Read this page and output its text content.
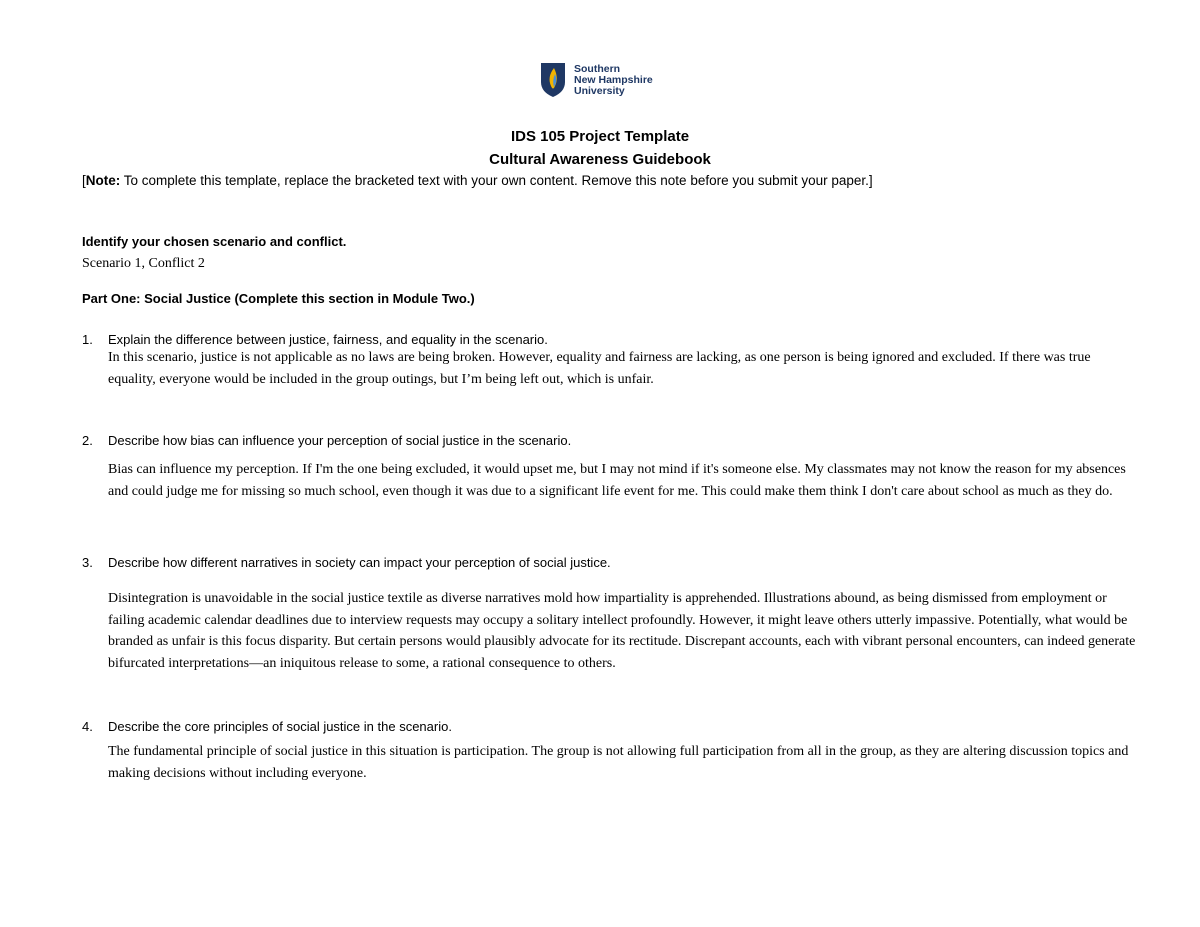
Southern
New Hampshire
University
IDS 105 Project Template
Cultural Awareness Guidebook
[Note: To complete this template, replace the bracketed text with your own content. Remove this note before you submit your paper.]
Identify your chosen scenario and conflict.
Scenario 1, Conflict 2
Part One: Social Justice (Complete this section in Module Two.)
1. Explain the difference between justice, fairness, and equality in the scenario.
In this scenario, justice is not applicable as no laws are being broken. However, equality and fairness are lacking, as one person is being ignored and excluded. If there was true equality, everyone would be included in the group outings, but I’m being left out, which is unfair.
2. Describe how bias can influence your perception of social justice in the scenario.
Bias can influence my perception. If I'm the one being excluded, it would upset me, but I may not mind if it's someone else. My classmates may not know the reason for my absences and could judge me for missing so much school, even though it was due to a significant life event for me. This could make them think I don't care about school as much as they do.
3. Describe how different narratives in society can impact your perception of social justice.
Disintegration is unavoidable in the social justice textile as diverse narratives mold how impartiality is apprehended. Illustrations abound, as being dismissed from employment or failing academic calendar deadlines due to interview requests may occupy a solitary intellect profoundly. However, it might leave others utterly impassive. Potentially, what would be branded as unfair is this focus disparity. But certain persons would plausibly advocate for its rectitude. Discrepant accounts, each with vibrant personal encounters, can indeed generate bifurcated interpretations—an iniquitous release to some, a rational consequence to others.
4. Describe the core principles of social justice in the scenario.
The fundamental principle of social justice in this situation is participation. The group is not allowing full participation from all in the group, as they are altering discussion topics and making decisions without including everyone.
